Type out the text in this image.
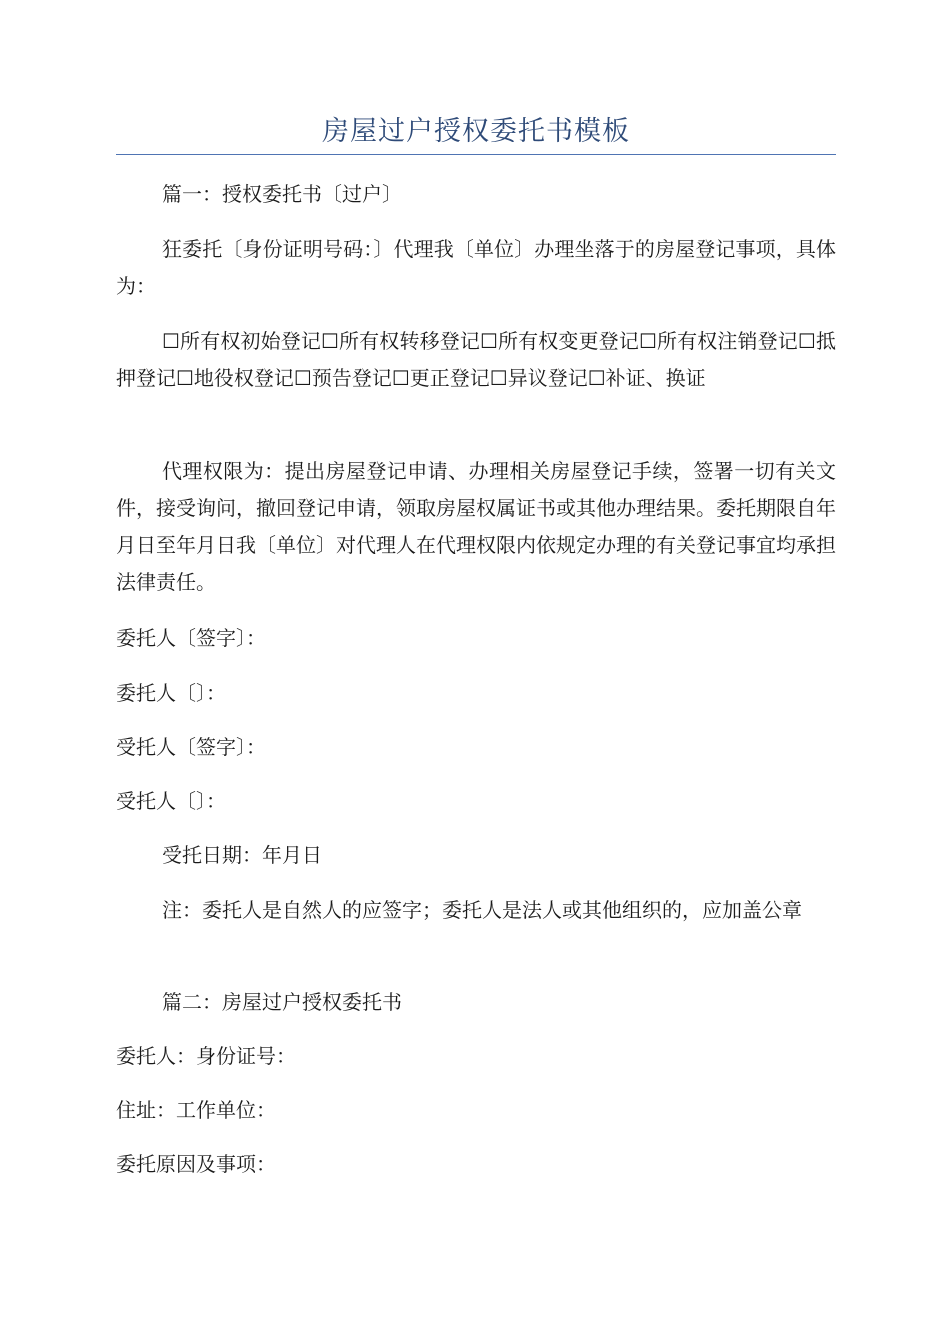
房屋过户授权委托书模板

篇一：授权委托书〔过户〕

狂委托〔身份证明号码：〕代理我〔单位〕办理坐落于的房屋登记事项，具体为：

☐所有权初始登记☐所有权转移登记☐所有权变更登记☐所有权注销登记☐抵押登记☐地役权登记☐预告登记☐更正登记☐异议登记☐补证、换证

代理权限为：提出房屋登记申请、办理相关房屋登记手续，签署一切有关文件，接受询问，撤回登记申请，领取房屋权属证书或其他办理结果。委托期限自年月日至年月日我〔单位〕对代理人在代理权限内依规定办理的有关登记事宜均承担法律责任。

委托人〔签字〕：

委托人〔〕：

受托人〔签字〕：

受托人〔〕：

受托日期：年月日

注：委托人是自然人的应签字；委托人是法人或其他组织的，应加盖公章

篇二：房屋过户授权委托书

委托人：身份证号：

住址：工作单位：

委托原因及事项：
